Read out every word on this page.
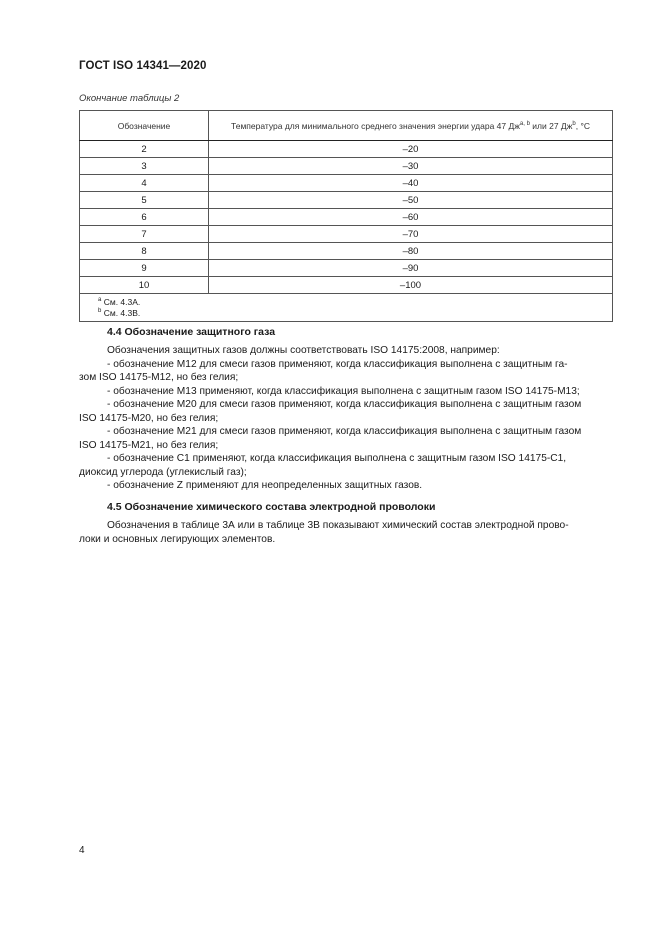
ГОСТ ISO 14341—2020
Окончание таблицы 2
Обозначение	Температура для минимального среднего значения энергии удара 47 Дж$^{a, b}$ или 27 $Дж^b$, °C
2	–20
3	–30
4	–40
5	–50
6	–60
7	–70
8	–80
9	–90
10	–100

$^a$ См. 4.3А.
$^b$ См. 4.3В.	
4.4 Обозначение защитного газа

Обозначения защитных газов должны соответствовать ISO 14175:2008, например:

- обозначение М12 для смеси газов применяют, когда классификация выполнена с защитным га-

зом ISO 14175-M12, но без гелия;

- обозначение М13 применяют, когда классификация выполнена с защитным газом ISO 14175-M13;

- обозначение М20 для смеси газов применяют, когда классификация выполнена с защитным газом

ISO 14175-M20, но без гелия;

- обозначение М21 для смеси газов применяют, когда классификация выполнена с защитным газом

ISO 14175-M21, но без гелия;

- обозначение С1 применяют, когда классификация выполнена с защитным газом ISO 14175-C1,

диоксид углерода (углекислый газ);

- обозначение Z применяют для неопределенных защитных газов.

4.5 Обозначение химического состава электродной проволоки

Обозначения в таблице 3А или в таблице 3В показывают химический состав электродной прово-

локи и основных легирующих элементов.

4
